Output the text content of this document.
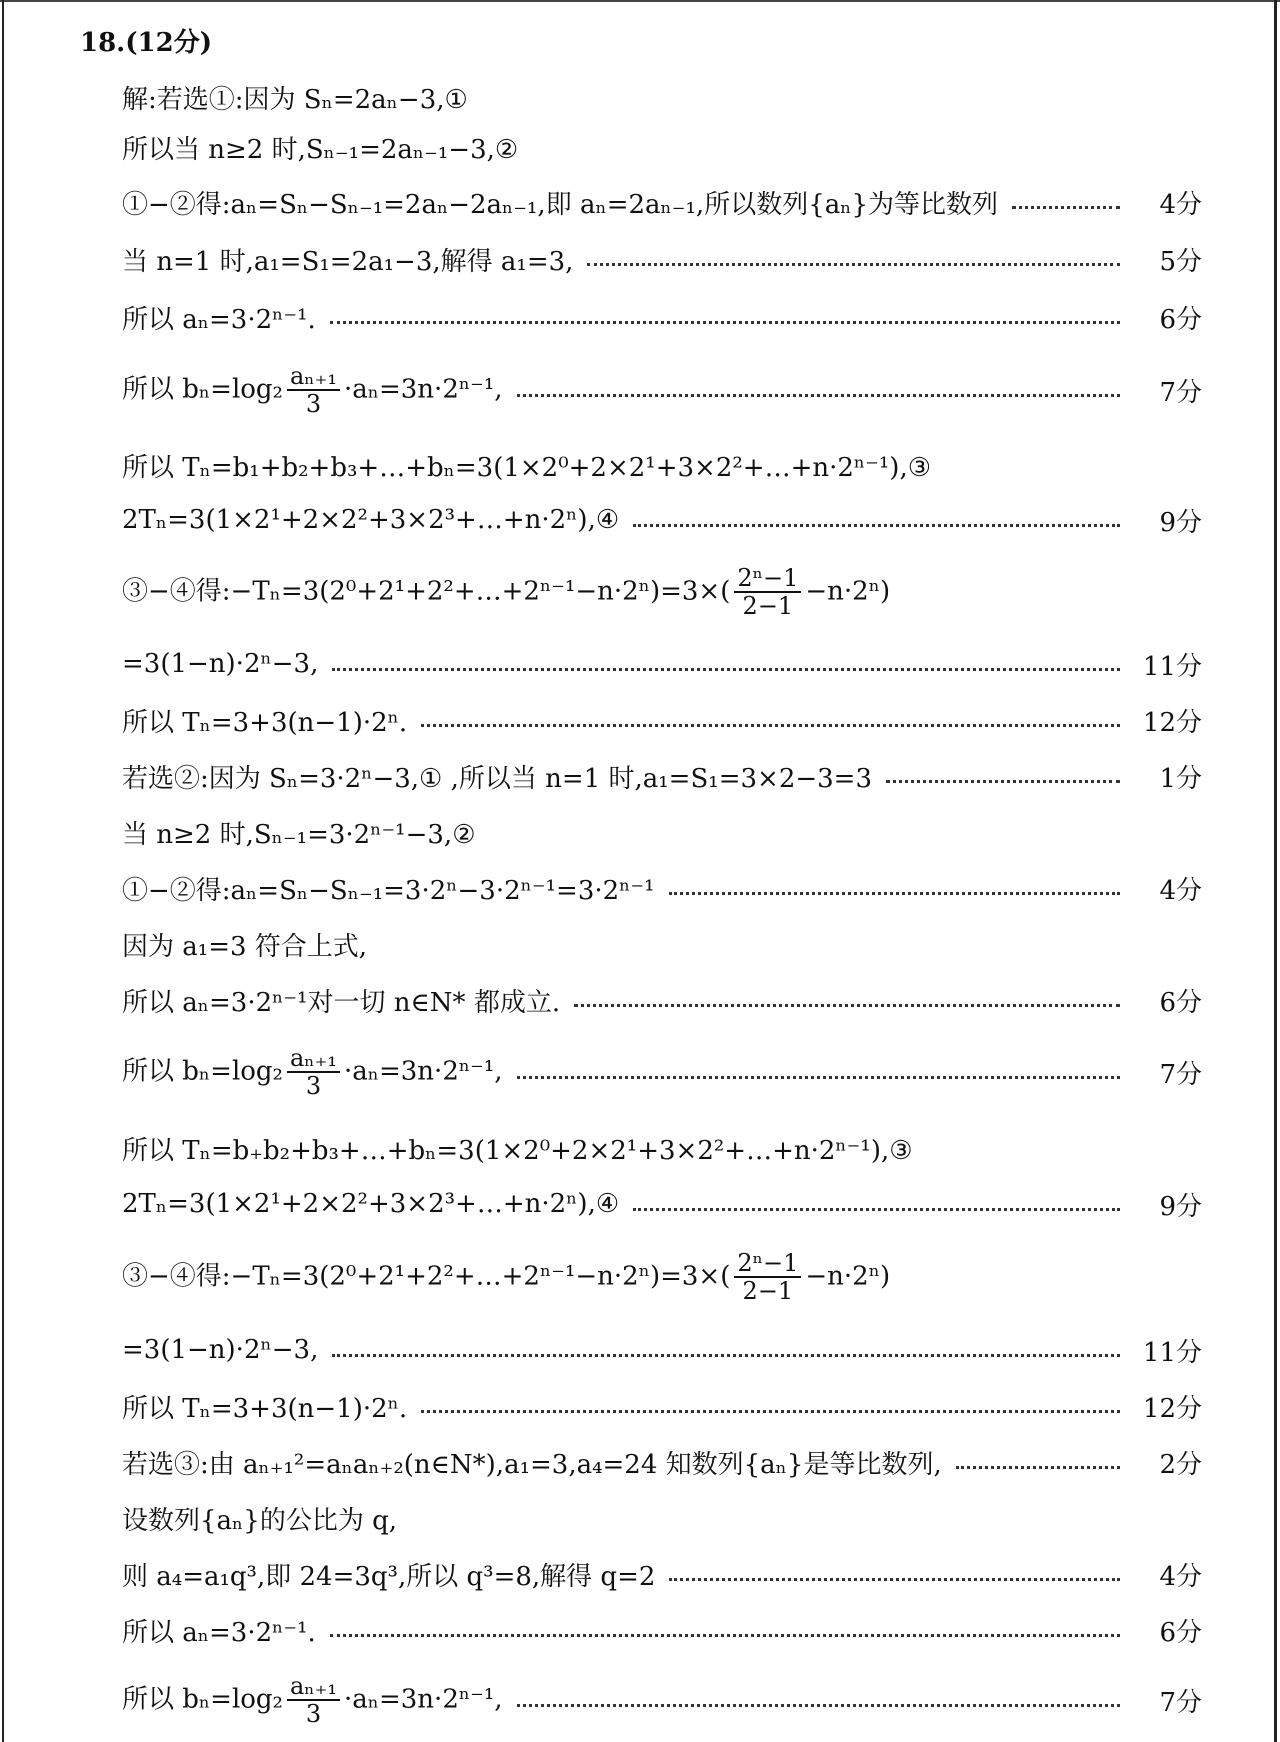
18.(12分)
解:若选①:因为 Sₙ=2aₙ−3,①
所以当 n≥2 时,Sₙ₋₁=2aₙ₋₁−3,②
①−②得:aₙ=Sₙ−Sₙ₋₁=2aₙ−2aₙ₋₁,即 aₙ=2aₙ₋₁,所以数列{aₙ}为等比数列	4分
当 n=1 时,a₁=S₁=2a₁−3,解得 a₁=3,	5分
所以 aₙ=3·2ⁿ⁻¹.	6分
所以 $b_n=\log_2 \frac{\text{aₙ₊₁}}{3} \cdot a_n=3n\cdot 2^{n-1}$,	7分
所以 Tₙ=b₁+b₂+b₃+…+bₙ=3(1×2⁰+2×2¹+3×2²+…+n·2ⁿ⁻¹),③
2Tₙ=3(1×2¹+2×2²+3×2³+…+n·2ⁿ),④	9分
③−④得:−Tₙ=3(2⁰+2¹+2²+…+2ⁿ⁻¹−n·2ⁿ)=3×( $\frac{\text{2ⁿ−1}}{2-1} -n\cdot 2^n$)
=3(1−n)·2ⁿ−3,	11分
所以 Tₙ=3+3(n−1)·2ⁿ.	12分
若选②:因为 Sₙ=3·2ⁿ−3,① ,所以当 n=1 时,a₁=S₁=3×2−3=3	1分
当 n≥2 时,Sₙ₋₁=3·2ⁿ⁻¹−3,②
①−②得:aₙ=Sₙ−Sₙ₋₁=3·2ⁿ−3·2ⁿ⁻¹=3·2ⁿ⁻¹	4分
因为 a₁=3 符合上式,
所以 aₙ=3·2ⁿ⁻¹对一切 n∈N* 都成立.	6分
所以 $b_n=\log_2 \frac{\text{aₙ₊₁}}{3} \cdot a_n=3n\cdot 2^{n-1}$,	7分
所以 Tₙ=b₊b₂+b₃+…+bₙ=3(1×2⁰+2×2¹+3×2²+…+n·2ⁿ⁻¹),③
2Tₙ=3(1×2¹+2×2²+3×2³+…+n·2ⁿ),④	9分
③−④得:−Tₙ=3(2⁰+2¹+2²+…+2ⁿ⁻¹−n·2ⁿ)=3×( $\frac{\text{2ⁿ−1}}{2-1} -n\cdot 2^n$)
=3(1−n)·2ⁿ−3,	11分
所以 Tₙ=3+3(n−1)·2ⁿ.	12分
若选③:由 aₙ₊₁²=aₙaₙ₊₂(n∈N*),a₁=3,a₄=24 知数列{aₙ}是等比数列,	2分
设数列{aₙ}的公比为 q,
则 a₄=a₁q³,即 24=3q³,所以 q³=8,解得 q=2	4分
所以 aₙ=3·2ⁿ⁻¹.	6分
所以 $b_n=\log_2 \frac{\text{aₙ₊₁}}{3} \cdot a_n=3n\cdot 2^{n-1}$,	7分
